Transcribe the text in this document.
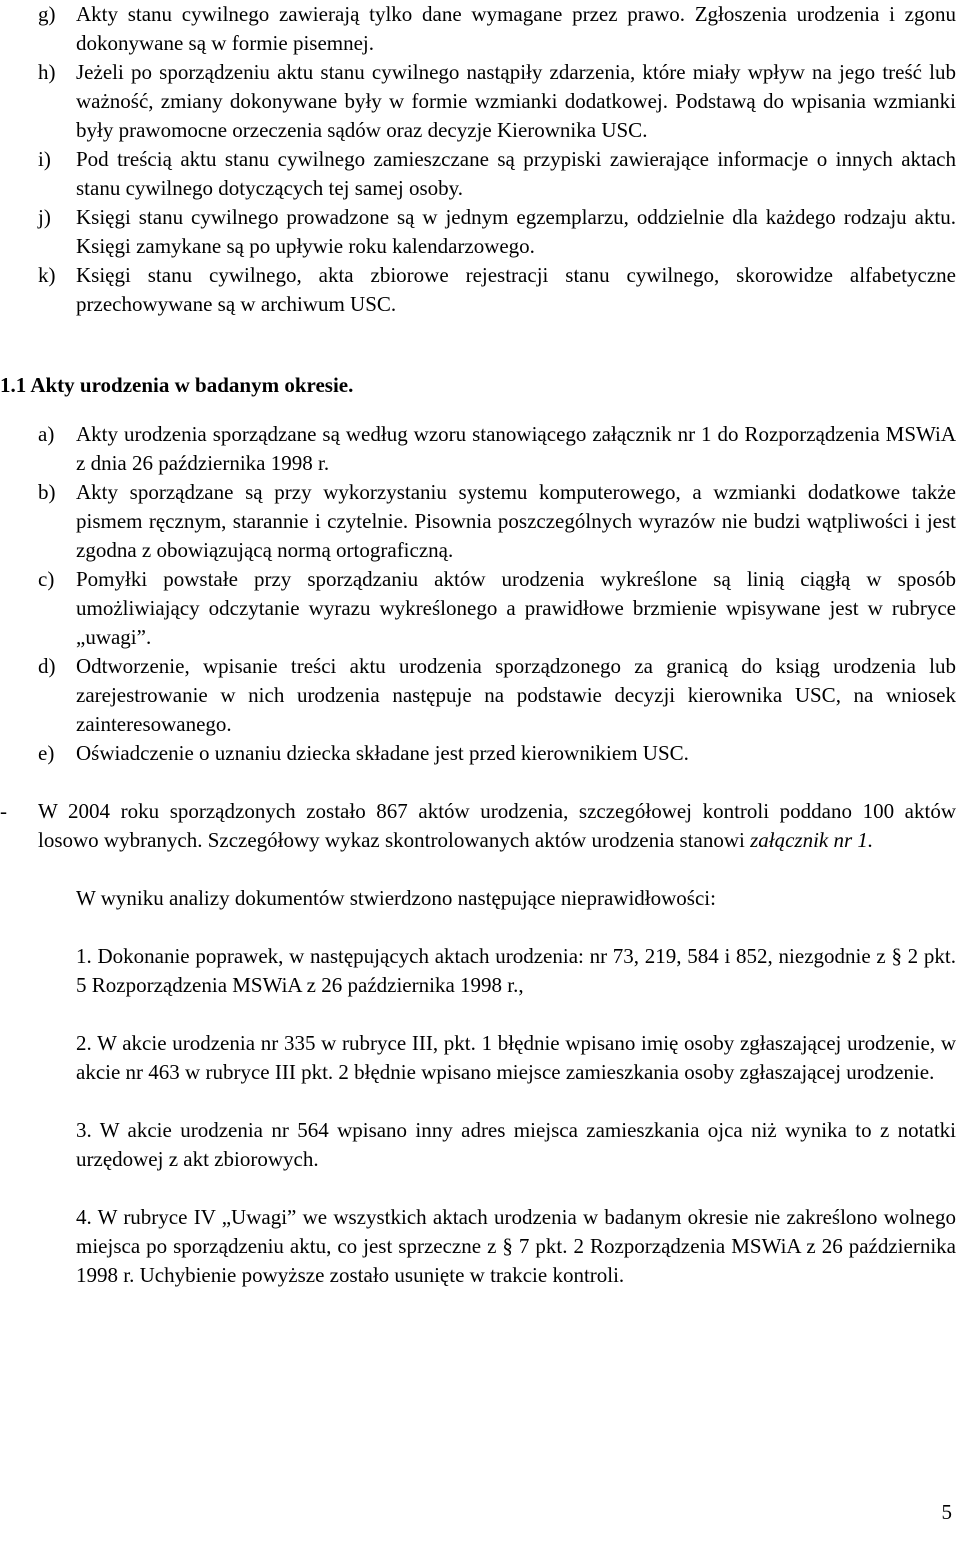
g) Akty stanu cywilnego zawierają tylko dane wymagane przez prawo. Zgłoszenia urodzenia i zgonu dokonywane są w formie pisemnej.
h) Jeżeli po sporządzeniu aktu stanu cywilnego nastąpiły zdarzenia, które miały wpływ na jego treść lub ważność, zmiany dokonywane były w formie wzmianki dodatkowej. Podstawą do wpisania wzmianki były prawomocne orzeczenia sądów oraz decyzje Kierownika USC.
i)	Pod treścią aktu stanu cywilnego zamieszczane są przypiski zawierające informacje o innych aktach stanu cywilnego dotyczących tej samej osoby.
j)	Księgi stanu cywilnego prowadzone są w jednym egzemplarzu, oddzielnie dla każdego rodzaju aktu. Księgi zamykane są po upływie roku kalendarzowego.
k) Księgi stanu cywilnego, akta zbiorowe rejestracji stanu cywilnego, skorowidze alfabetyczne przechowywane są w archiwum USC.
1.1 Akty urodzenia w badanym okresie.
a)	Akty urodzenia sporządzane są według wzoru stanowiącego załącznik nr 1 do Rozporządzenia MSWiA z dnia 26 października 1998 r.
b) Akty sporządzane są przy wykorzystaniu systemu komputerowego, a wzmianki dodatkowe także pismem ręcznym, starannie i czytelnie. Pisownia poszczególnych wyrazów nie budzi wątpliwości i jest zgodna z obowiązującą normą ortograficzną.
c)	Pomyłki powstałe przy sporządzaniu aktów urodzenia wykreślone są linią ciągłą w sposób umożliwiający odczytanie wyrazu wykreślonego a prawidłowe brzmienie wpisywane jest w rubryce „uwagi”.
d) Odtworzenie, wpisanie treści aktu urodzenia sporządzonego za granicą do ksiąg urodzenia lub zarejestrowanie w nich urodzenia następuje na podstawie decyzji kierownika USC, na wniosek zainteresowanego.
e)	Oświadczenie o uznaniu dziecka składane jest przed kierownikiem USC.
-	W 2004 roku sporządzonych zostało 867 aktów urodzenia, szczegółowej kontroli poddano 100 aktów losowo wybranych. Szczegółowy wykaz skontrolowanych aktów urodzenia stanowi załącznik nr 1.
W wyniku analizy dokumentów stwierdzono następujące nieprawidłowości:
1. Dokonanie poprawek, w następujących aktach urodzenia: nr 73, 219, 584 i 852, niezgodnie z § 2 pkt. 5 Rozporządzenia MSWiA z 26 października 1998 r.,
2. W akcie urodzenia nr 335 w rubryce III, pkt. 1 błędnie wpisano imię osoby zgłaszającej urodzenie, w akcie nr 463 w rubryce III pkt. 2 błędnie wpisano miejsce zamieszkania osoby zgłaszającej urodzenie.
3. W akcie urodzenia nr 564 wpisano inny adres miejsca zamieszkania ojca niż wynika to z notatki urzędowej z akt zbiorowych.
4. W rubryce IV „Uwagi” we wszystkich aktach urodzenia w badanym okresie nie zakreślono wolnego miejsca po sporządzeniu aktu, co jest sprzeczne z § 7 pkt. 2 Rozporządzenia MSWiA z 26 października 1998 r. Uchybienie powyższe zostało usunięte w trakcie kontroli.
5
